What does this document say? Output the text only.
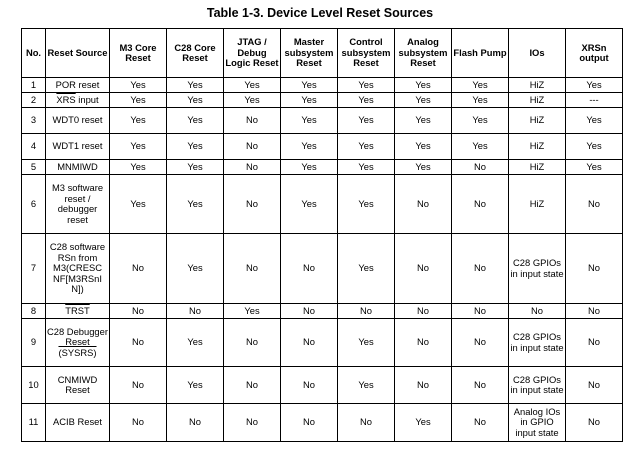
Table 1-3. Device Level Reset Sources
No.	Reset Source	M3 Core Reset	C28 Core Reset	JTAG / Debug Logic Reset	Master subsystem Reset	Control subsystem Reset	Analog subsystem Reset	Flash Pump	IOs	XRSn output
1	POR reset	Yes	Yes	Yes	Yes	Yes	Yes	Yes	HiZ	Yes
2	$\overline{XRS}$ input	Yes	Yes	Yes	Yes	Yes	Yes	Yes	HiZ	---
3	WDT0 reset	Yes	Yes	No	Yes	Yes	Yes	Yes	HiZ	Yes
4	WDT1 reset	Yes	Yes	No	Yes	Yes	Yes	Yes	HiZ	Yes
5	MNMIWD	Yes	Yes	No	Yes	Yes	Yes	No	HiZ	Yes
6	M3 software reset / debugger reset	Yes	Yes	No	Yes	Yes	No	No	HiZ	No
7	C28 software RSn from M3(CRESC NF[M3RSnI N])	No	Yes	No	No	Yes	No	No	C28 GPIOs in input state	No
8	TRST	No	No	Yes	No	No	No	No	No	No
9	C28 Debugger Reset (SYSRS)	No	Yes	No	No	Yes	No	No	C28 GPIOs in input state	No
10	CNMIWD Reset	No	Yes	No	No	Yes	No	No	C28 GPIOs in input state	No
11	ACIB Reset	No	No	No	No	No	Yes	No	Analog IOs in GPIO input state	No
